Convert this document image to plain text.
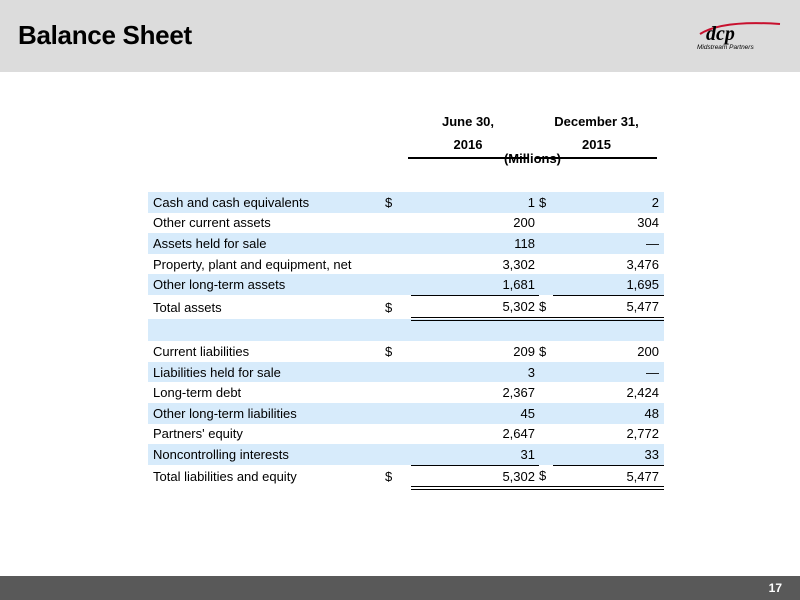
Balance Sheet	dcp
Midstream Partners
June 30,
2016
December 31,
2015
(Millions)
Cash and cash equivalents	$	1	$	2
Other current assets		200		304
Assets held for sale		118		—
Property, plant and equipment, net		3,302		3,476
Other long-term assets		1,681		1,695
Total assets	$	5,302	$	5,477

Current liabilities	$	209	$	200
Liabilities held for sale		3		—
Long-term debt		2,367		2,424
Other long-term liabilities		45		48
Partners' equity		2,647		2,772
Noncontrolling interests		31		33
Total liabilities and equity	$	5,302	$	5,477
17
